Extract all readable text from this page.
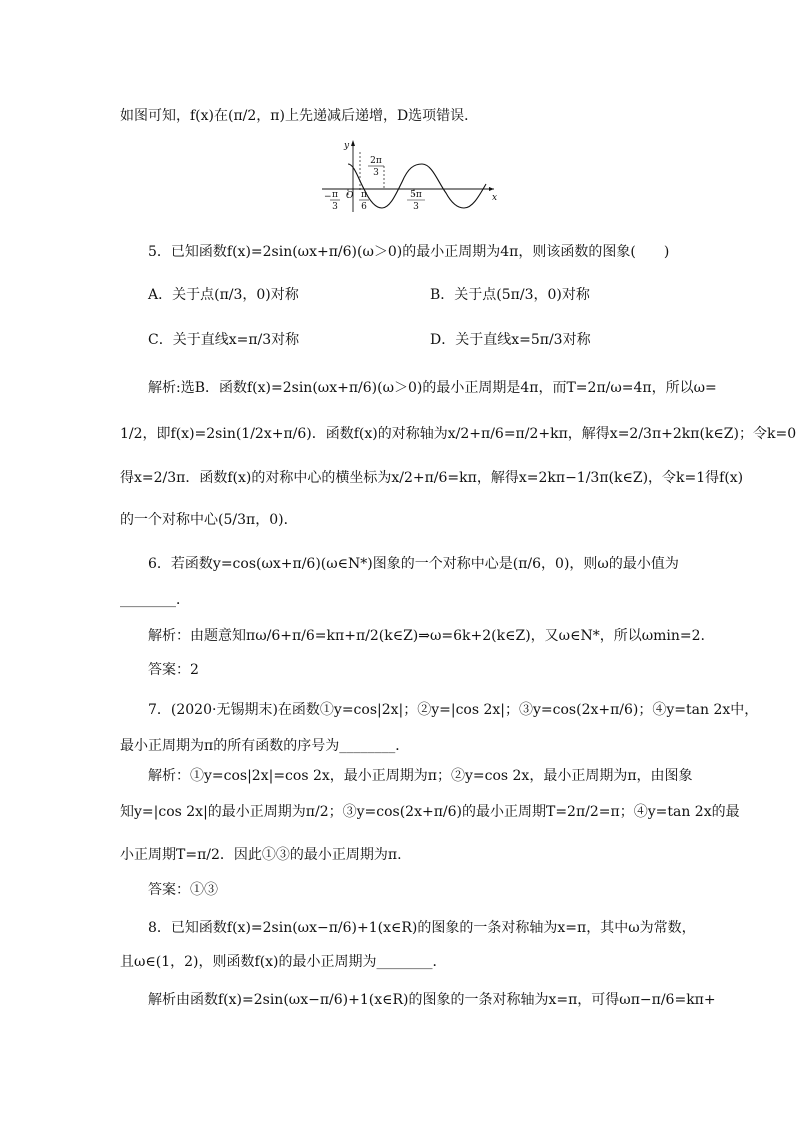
如图可知，f(x)在(π/2，π)上先递减后递增，D选项错误．
y
x
O
− π
3
π
6
2π
3
5π
3
5．已知函数f(x)=2sin(ωx+π/6)(ω＞0)的最小正周期为4π，则该函数的图象(　　)
A．关于点(π/3，0)对称	B．关于点(5π/3，0)对称
C．关于直线x=π/3对称	D．关于直线x=5π/3对称
解析:选B．函数f(x)=2sin(ωx+π/6)(ω＞0)的最小正周期是4π，而T=2π/ω=4π，所以ω=
1/2，即f(x)=2sin(1/2x+π/6)．函数f(x)的对称轴为x/2+π/6=π/2+kπ，解得x=2/3π+2kπ(k∈Z)；令k=0
得x=2/3π．函数f(x)的对称中心的横坐标为x/2+π/6=kπ，解得x=2kπ−1/3π(k∈Z)，令k=1得f(x)
的一个对称中心(5/3π，0)．
6．若函数y=cos(ωx+π/6)(ω∈N*)图象的一个对称中心是(π/6，0)，则ω的最小值为
________．
解析：由题意知πω/6+π/6=kπ+π/2(k∈Z)⇒ω=6k+2(k∈Z)，又ω∈N*，所以ωmin=2.
答案：2
7．(2020·无锡期末)在函数①y=cos|2x|；②y=|cos 2x|；③y=cos(2x+π/6)；④y=tan 2x中，
最小正周期为π的所有函数的序号为________．
解析：①y=cos|2x|=cos 2x，最小正周期为π；②y=cos 2x，最小正周期为π，由图象
知y=|cos 2x|的最小正周期为π/2；③y=cos(2x+π/6)的最小正周期T=2π/2=π；④y=tan 2x的最
小正周期T=π/2．因此①③的最小正周期为π.
答案：①③
8．已知函数f(x)=2sin(ωx−π/6)+1(x∈R)的图象的一条对称轴为x=π，其中ω为常数，
且ω∈(1，2)，则函数f(x)的最小正周期为________．
解析由函数f(x)=2sin(ωx−π/6)+1(x∈R)的图象的一条对称轴为x=π，可得ωπ−π/6=kπ+
